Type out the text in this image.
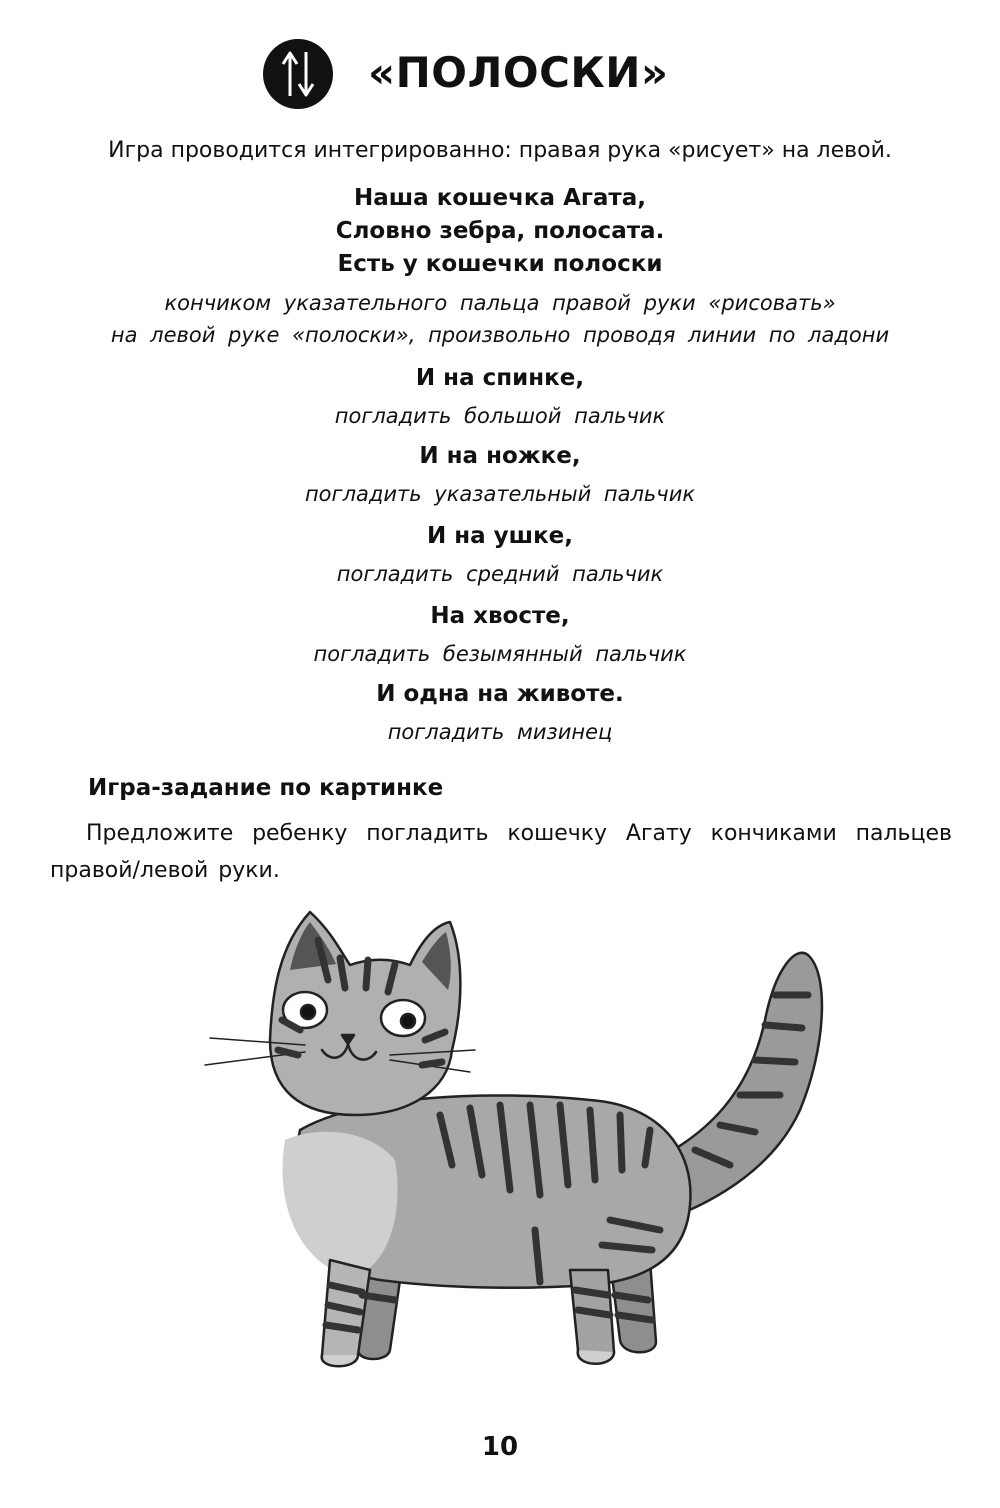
«ПОЛОСКИ»
Игра проводится интегрированно: правая рука «рисует» на левой.

Наша кошечка Агата,

Словно зебра, полосата.

Есть у кошечки полоски

кончиком указательного пальца правой руки «рисовать»

на левой руке «полоски», произвольно проводя линии по ладони

И на спинке,

погладить большой пальчик

И на ножке,

погладить указательный пальчик

И на ушке,

погладить средний пальчик

На хвосте,

погладить безымянный пальчик

И одна на животе.

погладить мизинец

Игра-задание по картинке
Предложите ребенку погладить кошечку Агату кончиками пальцев правой/левой руки.
10
